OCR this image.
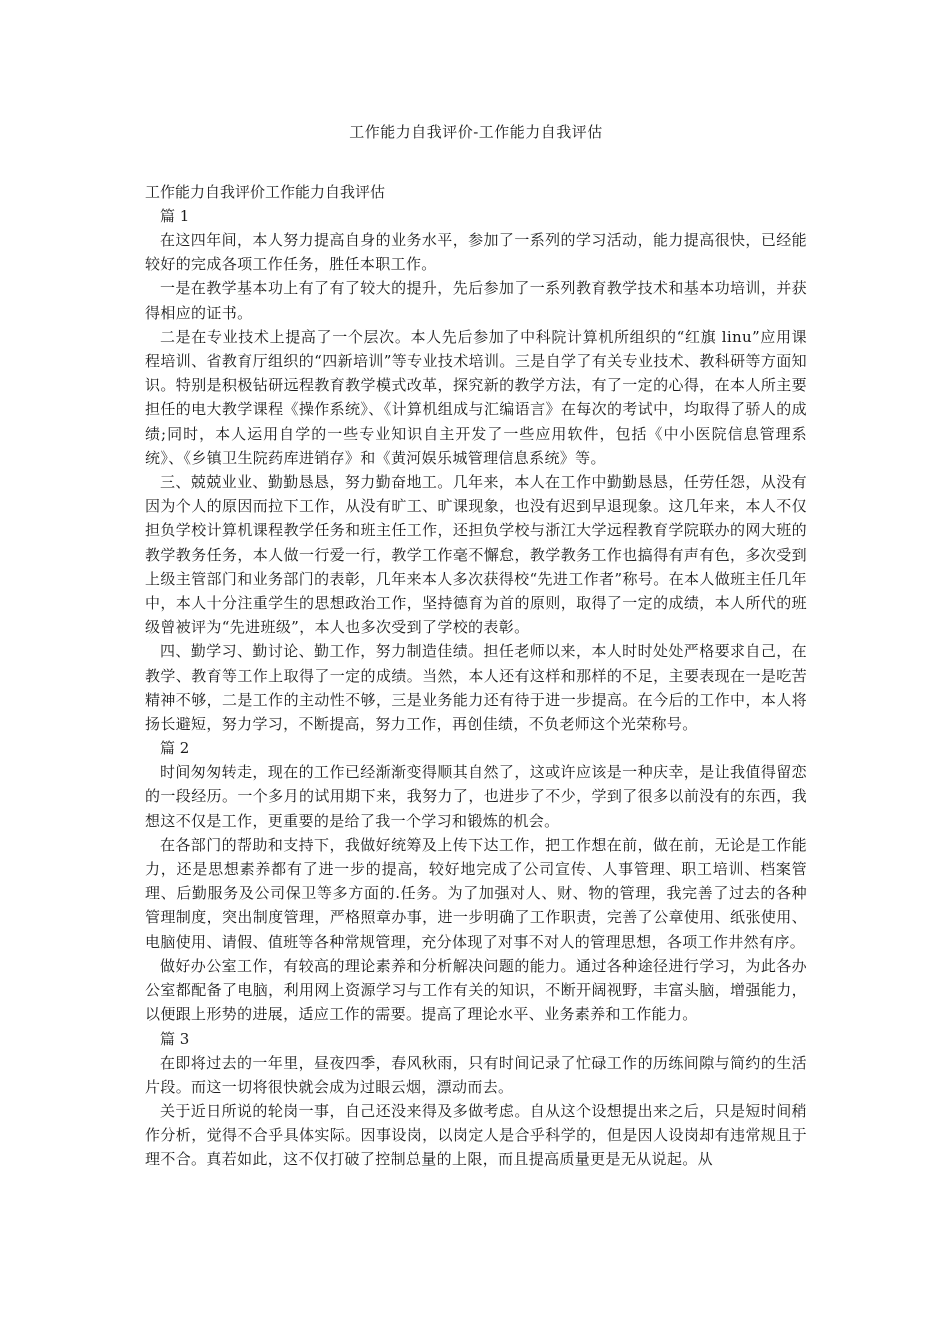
工作能力自我评价-工作能力自我评估
工作能力自我评价工作能力自我评估
篇 1

在这四年间，本人努力提高自身的业务水平，参加了一系列的学习活动，能力提高很快，已经能较好的完成各项工作任务，胜任本职工作。

一是在教学基本功上有了有了较大的提升，先后参加了一系列教育教学技术和基本功培训，并获得相应的证书。

二是在专业技术上提高了一个层次。本人先后参加了中科院计算机所组织的“红旗 linu”应用课程培训、省教育厅组织的“四新培训”等专业技术培训。三是自学了有关专业技术、教科研等方面知识。特别是积极钻研远程教育教学模式改革，探究新的教学方法，有了一定的心得，在本人所主要担任的电大教学课程《操作系统》、《计算机组成与汇编语言》在每次的考试中，均取得了骄人的成绩;同时，本人运用自学的一些专业知识自主开发了一些应用软件，包括《中小医院信息管理系统》、《乡镇卫生院药库进销存》和《黄河娱乐城管理信息系统》等。

三、兢兢业业、勤勤恳恳，努力勤奋地工。几年来，本人在工作中勤勤恳恳，任劳任怨，从没有因为个人的原因而拉下工作，从没有旷工、旷课现象，也没有迟到早退现象。这几年来，本人不仅担负学校计算机课程教学任务和班主任工作，还担负学校与浙江大学远程教育学院联办的网大班的教学教务任务，本人做一行爱一行，教学工作毫不懈怠，教学教务工作也搞得有声有色，多次受到上级主管部门和业务部门的表彰，几年来本人多次获得校“先进工作者”称号。在本人做班主任几年中，本人十分注重学生的思想政治工作，坚持德育为首的原则，取得了一定的成绩，本人所代的班级曾被评为“先进班级”，本人也多次受到了学校的表彰。

四、勤学习、勤讨论、勤工作，努力制造佳绩。担任老师以来，本人时时处处严格要求自己，在教学、教育等工作上取得了一定的成绩。当然，本人还有这样和那样的不足，主要表现在一是吃苦精神不够，二是工作的主动性不够，三是业务能力还有待于进一步提高。在今后的工作中，本人将扬长避短，努力学习，不断提高，努力工作，再创佳绩，不负老师这个光荣称号。

篇 2

时间匆匆转走，现在的工作已经渐渐变得顺其自然了，这或许应该是一种庆幸，是让我值得留恋的一段经历。一个多月的试用期下来，我努力了，也进步了不少，学到了很多以前没有的东西，我想这不仅是工作，更重要的是给了我一个学习和锻炼的机会。

在各部门的帮助和支持下，我做好统筹及上传下达工作，把工作想在前，做在前，无论是工作能力，还是思想素养都有了进一步的提高，较好地完成了公司宣传、人事管理、职工培训、档案管理、后勤服务及公司保卫等多方面的.任务。为了加强对人、财、物的管理，我完善了过去的各种管理制度，突出制度管理，严格照章办事，进一步明确了工作职责，完善了公章使用、纸张使用、电脑使用、请假、值班等各种常规管理，充分体现了对事不对人的管理思想，各项工作井然有序。

做好办公室工作，有较高的理论素养和分析解决问题的能力。通过各种途径进行学习，为此各办公室都配备了电脑，利用网上资源学习与工作有关的知识，不断开阔视野，丰富头脑，增强能力，以便跟上形势的进展，适应工作的需要。提高了理论水平、业务素养和工作能力。

篇 3

在即将过去的一年里，昼夜四季，春风秋雨，只有时间记录了忙碌工作的历练间隙与简约的生活片段。而这一切将很快就会成为过眼云烟，漂动而去。

关于近日所说的轮岗一事，自己还没来得及多做考虑。自从这个设想提出来之后，只是短时间稍作分析，觉得不合乎具体实际。因事设岗，以岗定人是合乎科学的，但是因人设岗却有违常规且于理不合。真若如此，这不仅打破了控制总量的上限，而且提高质量更是无从说起。从
